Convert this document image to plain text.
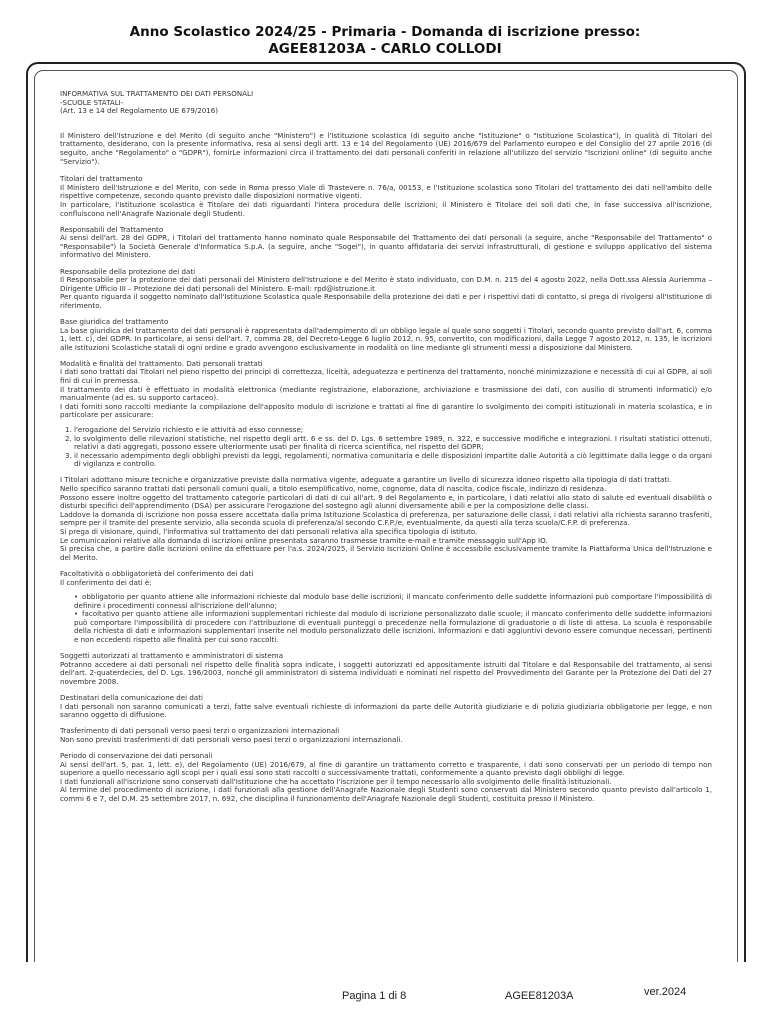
Anno Scolastico 2024/25 - Primaria - Domanda di iscrizione presso:
AGEE81203A - CARLO COLLODI

INFORMATIVA SUL TRATTAMENTO DEI DATI PERSONALI

-SCUOLE STATALI-

(Art. 13 e 14 del Regolamento UE 679/2016)

Il Ministero dell'Istruzione e del Merito (di seguito anche "Ministero") e l'Istituzione scolastica (di seguito anche "Istituzione" o "Istituzione Scolastica"), in qualità di Titolari del trattamento, desiderano, con la presente informativa, resa ai sensi degli artt. 13 e 14 del Regolamento (UE) 2016/679 del Parlamento europeo e del Consiglio del 27 aprile 2016 (di seguito, anche "Regolamento" o "GDPR"), fornirLe informazioni circa il trattamento dei dati personali conferiti in relazione all'utilizzo del servizio "Iscrizioni online" (di seguito anche "Servizio").

Titolari del trattamento

Il Ministero dell'Istruzione e del Merito, con sede in Roma presso Viale di Trastevere n. 76/a, 00153, e l'Istituzione scolastica sono Titolari del trattamento dei dati nell'ambito delle rispettive competenze, secondo quanto previsto dalle disposizioni normative vigenti.

In particolare, l'Istituzione scolastica è Titolare dei dati riguardanti l'intera procedura delle iscrizioni; il Ministero è Titolare dei soli dati che, in fase successiva all'iscrizione, confluiscono nell'Anagrafe Nazionale degli Studenti.

Responsabili del Trattamento

Ai sensi dell'art. 28 del GDPR, i Titolari del trattamento hanno nominato quale Responsabile del Trattamento dei dati personali (a seguire, anche "Responsabile del Trattamento" o "Responsabile") la Società Generale d'Informatica S.p.A. (a seguire, anche "Sogei"), in quanto affidataria dei servizi infrastrutturali, di gestione e sviluppo applicativo del sistema informativo del Ministero.

Responsabile della protezione dei dati

Il Responsabile per la protezione dei dati personali del Ministero dell'Istruzione e del Merito è stato individuato, con D.M. n. 215 del 4 agosto 2022, nella Dott.ssa Alessia Auriemma – Dirigente Ufficio III – Protezione dei dati personali del Ministero. E-mail: rpd@istruzione.it

Per quanto riguarda il soggetto nominato dall'Istituzione Scolastica quale Responsabile della protezione dei dati e per i rispettivi dati di contatto, si prega di rivolgersi all'Istituzione di riferimento.

Base giuridica del trattamento

La base giuridica del trattamento dei dati personali è rappresentata dall'adempimento di un obbligo legale al quale sono soggetti i Titolari, secondo quanto previsto dall'art. 6, comma 1, lett. c), del GDPR. In particolare, ai sensi dell'art. 7, comma 28, del Decreto-Legge 6 luglio 2012, n. 95, convertito, con modificazioni, dalla Legge 7 agosto 2012, n. 135, le iscrizioni alle Istituzioni Scolastiche statali di ogni ordine e grado avvengono esclusivamente in modalità on line mediante gli strumenti messi a disposizione dal Ministero.

Modalità e finalità del trattamento. Dati personali trattati

I dati sono trattati dai Titolari nel pieno rispetto dei principi di correttezza, liceità, adeguatezza e pertinenza del trattamento, nonché minimizzazione e necessità di cui al GDPR, ai soli fini di cui in premessa.

Il trattamento dei dati è effettuato in modalità elettronica (mediante registrazione, elaborazione, archiviazione e trasmissione dei dati, con ausilio di strumenti informatici) e/o manualmente (ad es. su supporto cartaceo).

I dati forniti sono raccolti mediante la compilazione dell'apposito modulo di iscrizione e trattati al fine di garantire lo svolgimento dei compiti istituzionali in materia scolastica, e in particolare per assicurare:

1. l'erogazione del Servizio richiesto e le attività ad esso connesse;
2. lo svolgimento delle rilevazioni statistiche, nel rispetto degli artt. 6 e ss. del D. Lgs. 6 settembre 1989, n. 322, e successive modifiche e integrazioni. I risultati statistici ottenuti, relativi a dati aggregati, possono essere ulteriormente usati per finalità di ricerca scientifica, nel rispetto del GDPR;
3. il necessario adempimento degli obblighi previsti da leggi, regolamenti, normativa comunitaria e delle disposizioni impartite dalle Autorità a ciò legittimate dalla legge o da organi di vigilanza e controllo.

I Titolari adottano misure tecniche e organizzative previste dalla normativa vigente, adeguate a garantire un livello di sicurezza idoneo rispetto alla tipologia di dati trattati.

Nello specifico saranno trattati dati personali comuni quali, a titolo esemplificativo, nome, cognome, data di nascita, codice fiscale, indirizzo di residenza.

Possono essere inoltre oggetto del trattamento categorie particolari di dati di cui all'art. 9 del Regolamento e, in particolare, i dati relativi allo stato di salute ed eventuali disabilità o disturbi specifici dell'apprendimento (DSA) per assicurare l'erogazione del sostegno agli alunni diversamente abili e per la composizione delle classi.

Laddove la domanda di iscrizione non possa essere accettata dalla prima Istituzione Scolastica di preferenza, per saturazione delle classi, i dati relativi alla richiesta saranno trasferiti, sempre per il tramite del presente servizio, alla seconda scuola di preferenza/al secondo C.F.P./e, eventualmente, da questi alla terza scuola/C.F.P. di preferenza.

Si prega di visionare, quindi, l'informativa sul trattamento dei dati personali relativa alla specifica tipologia di istituto.

Le comunicazioni relative alla domanda di iscrizioni online presentata saranno trasmesse tramite e-mail e tramite messaggio sull'App IO.

Si precisa che, a partire dalle iscrizioni online da effettuare per l'a.s. 2024/2025, il Servizio Iscrizioni Online è accessibile esclusivamente tramite la Piattaforma Unica dell'Istruzione e del Merito.

Facoltatività o obbligatorietà del conferimento dei dati

Il conferimento dei dati è:

• obbligatorio per quanto attiene alle informazioni richieste dal modulo base delle iscrizioni; il mancato conferimento delle suddette informazioni può comportare l'impossibilità di definire i procedimenti connessi all'iscrizione dell'alunno;
• facoltativo per quanto attiene alle informazioni supplementari richieste dal modulo di iscrizione personalizzato dalle scuole; il mancato conferimento delle suddette informazioni può comportare l'impossibilità di procedere con l'attribuzione di eventuali punteggi o precedenze nella formulazione di graduatorie o di liste di attesa. La scuola è responsabile della richiesta di dati e informazioni supplementari inserite nel modulo personalizzato delle iscrizioni. Informazioni e dati aggiuntivi devono essere comunque necessari, pertinenti e non eccedenti rispetto alle finalità per cui sono raccolti.

Soggetti autorizzati al trattamento e amministratori di sistema

Potranno accedere ai dati personali nel rispetto delle finalità sopra indicate, i soggetti autorizzati ed appositamente istruiti dal Titolare e dal Responsabile del trattamento, ai sensi dell'art. 2-quaterdecies, del D. Lgs. 196/2003, nonché gli amministratori di sistema individuati e nominati nel rispetto del Provvedimento del Garante per la Protezione dei Dati del 27 novembre 2008.

Destinatari della comunicazione dei dati

I dati personali non saranno comunicati a terzi, fatte salve eventuali richieste di informazioni da parte delle Autorità giudiziarie e di polizia giudiziaria obbligatorie per legge, e non saranno oggetto di diffusione.

Trasferimento di dati personali verso paesi terzi o organizzazioni internazionali

Non sono previsti trasferimenti di dati personali verso paesi terzi o organizzazioni internazionali.

Periodo di conservazione dei dati personali

Ai sensi dell'art. 5, par. 1, lett. e), del Regolamento (UE) 2016/679, al fine di garantire un trattamento corretto e trasparente, i dati sono conservati per un periodo di tempo non superiore a quello necessario agli scopi per i quali essi sono stati raccolti o successivamente trattati, conformemente a quanto previsto dagli obblighi di legge.

I dati funzionali all'iscrizione sono conservati dall'Istituzione che ha accettato l'iscrizione per il tempo necessario allo svolgimento delle finalità istituzionali.

Al termine del procedimento di iscrizione, i dati funzionali alla gestione dell'Anagrafe Nazionale degli Studenti sono conservati dal Ministero secondo quanto previsto dall'articolo 1, commi 6 e 7, del D.M. 25 settembre 2017, n. 692, che disciplina il funzionamento dell'Anagrafe Nazionale degli Studenti, costituita presso il Ministero.

Pagina 1 di 8	AGEE81203A	ver.2024
